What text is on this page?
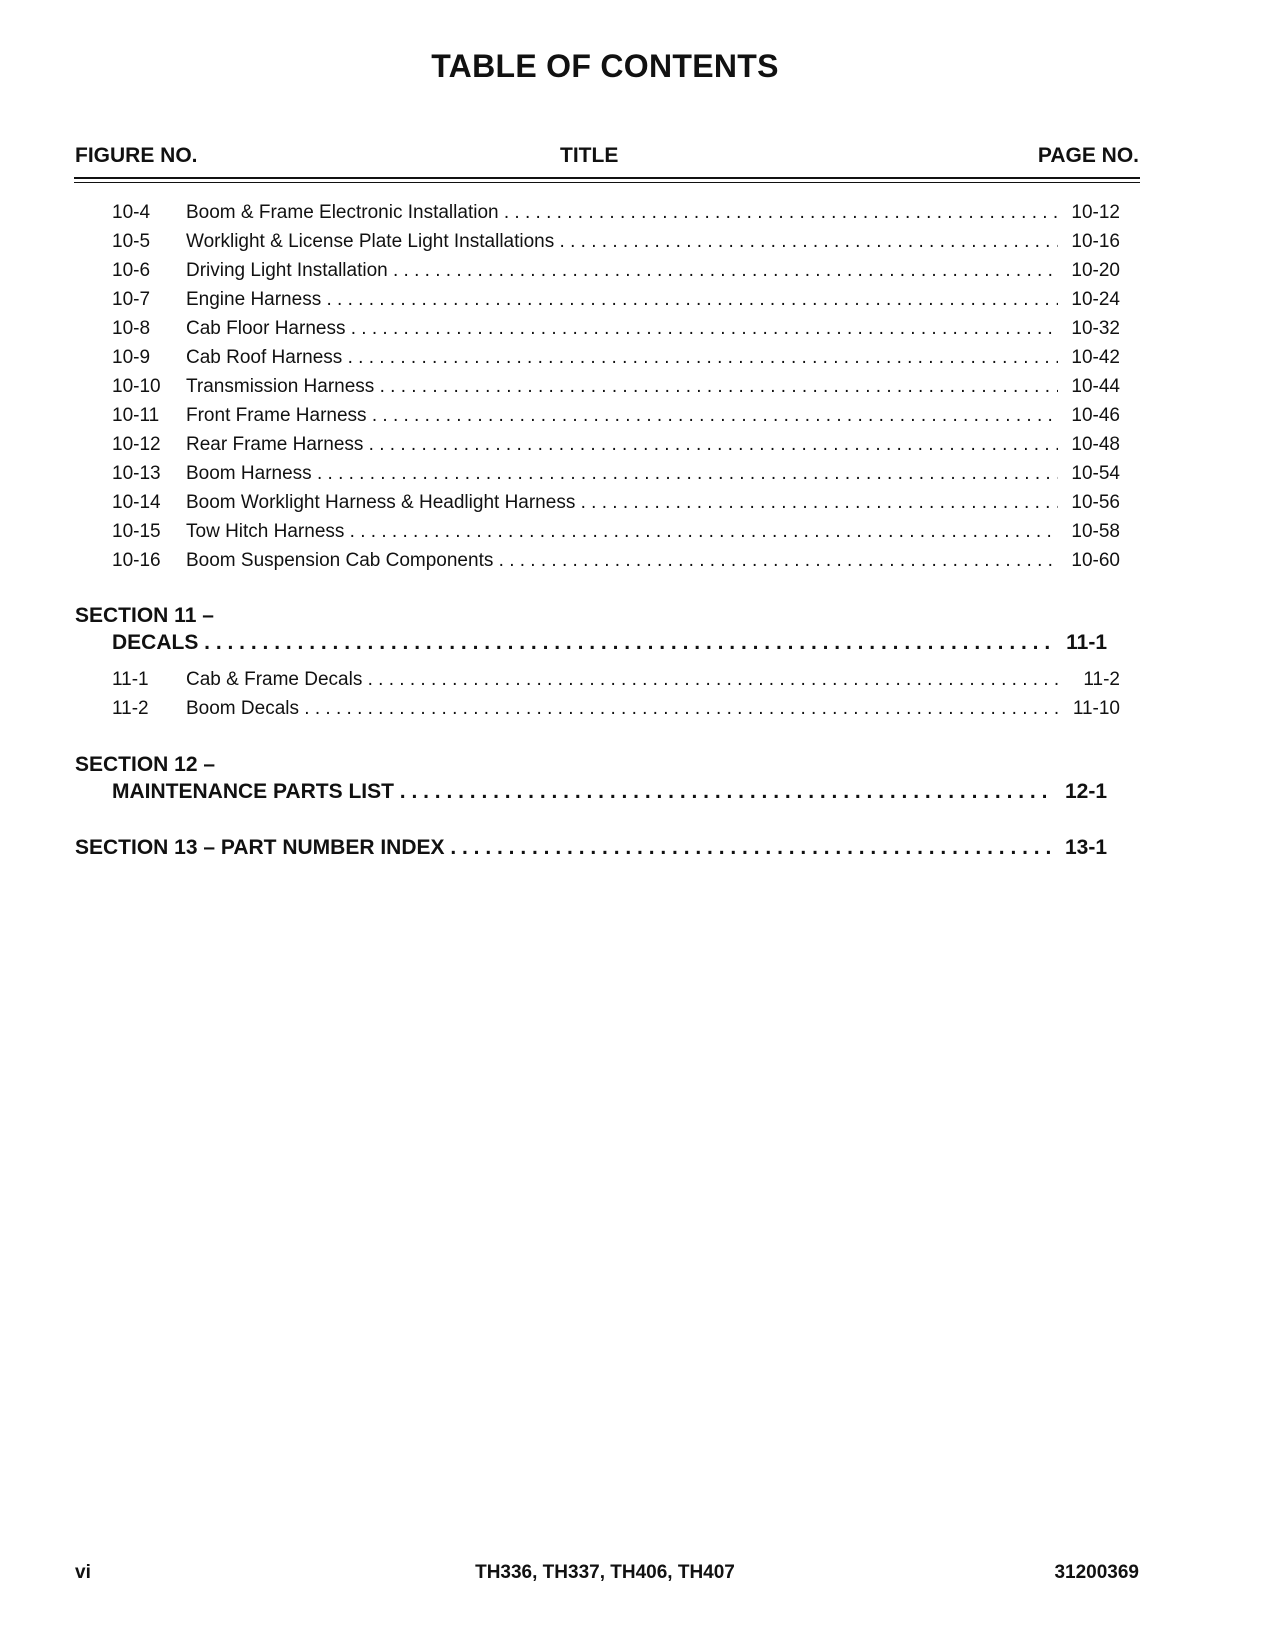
TABLE OF CONTENTS
FIGURE NO.	TITLE	PAGE NO.
10-4 Boom & Frame Electronic Installation . . .	10-12
10-5 Worklight & License Plate Light Installations . . .	10-16
10-6 Driving Light Installation . . .	10-20
10-7 Engine Harness . . .	10-24
10-8 Cab Floor Harness . . .	10-32
10-9 Cab Roof Harness . . .	10-42
10-10 Transmission Harness . . .	10-44
10-11 Front Frame Harness . . .	10-46
10-12 Rear Frame Harness . . .	10-48
10-13 Boom Harness . . .	10-54
10-14 Boom Worklight Harness & Headlight Harness . . .	10-56
10-15 Tow Hitch Harness . . .	10-58
10-16 Boom Suspension Cab Components . . .	10-60
SECTION 11 –
DECALS . . .	11-1
11-1 Cab & Frame Decals . . .	11-2
11-2 Boom Decals . . .	11-10
SECTION 12 –
MAINTENANCE PARTS LIST . . .	12-1
SECTION 13 – PART NUMBER INDEX . . .	13-1
vi	TH336, TH337, TH406, TH407	31200369
